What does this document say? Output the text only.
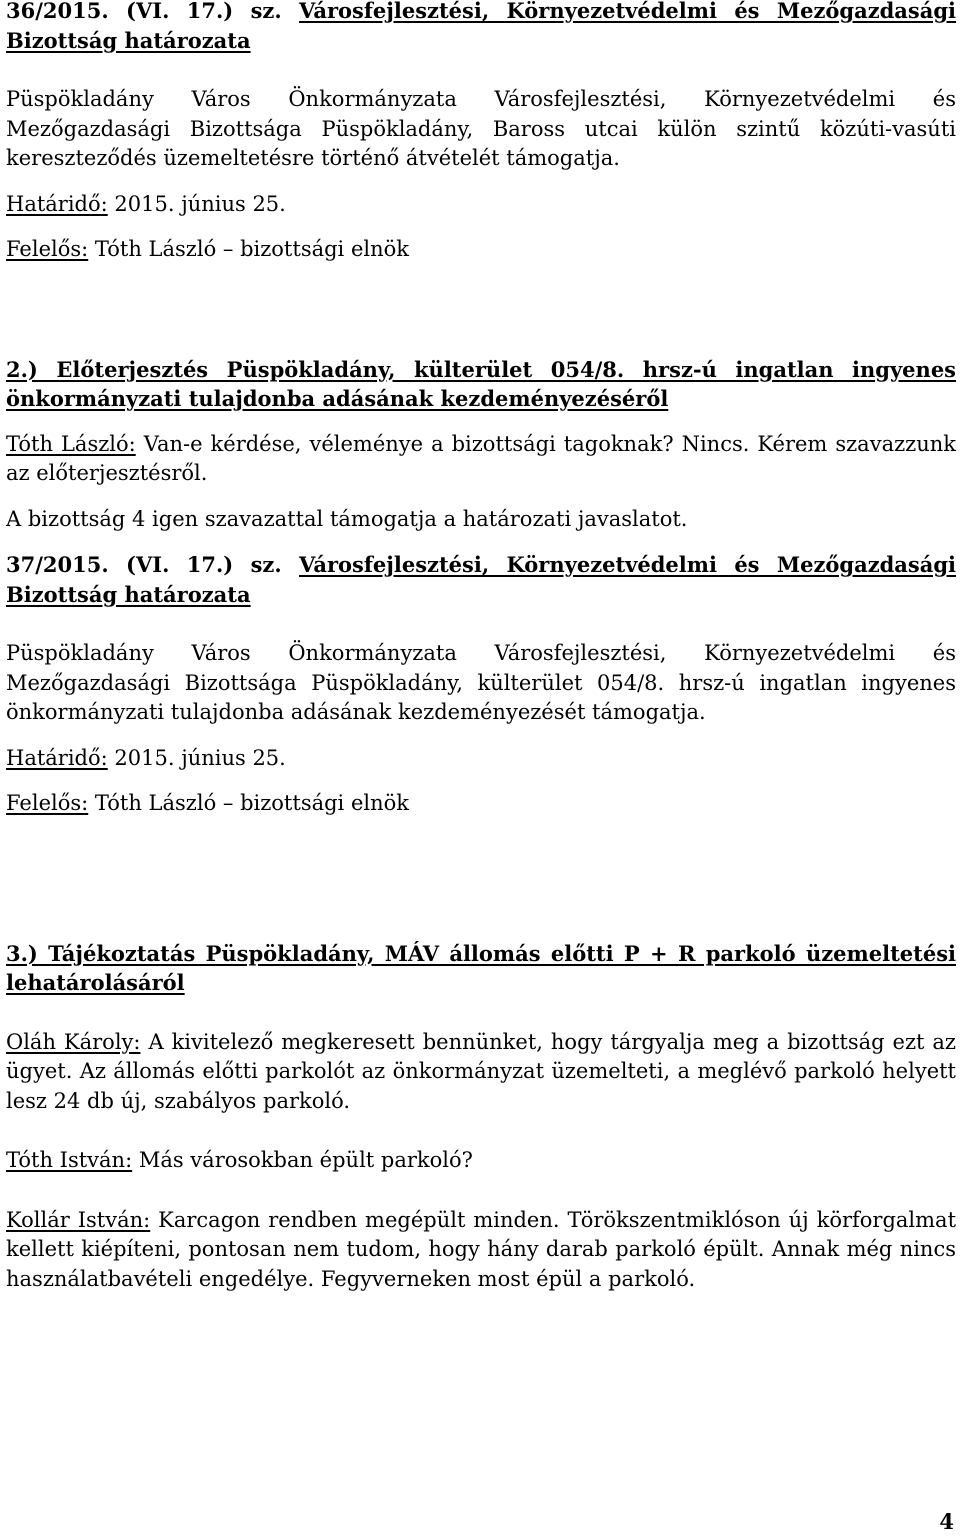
36/2015. (VI. 17.) sz. Városfejlesztési, Környezetvédelmi és Mezőgazdasági Bizottság határozata

Püspökladány Város Önkormányzata Városfejlesztési, Környezetvédelmi és Mezőgazdasági Bizottsága Püspökladány, Baross utcai külön szintű közúti-vasúti kereszteződés üzemeltetésre történő átvételét támogatja.

Határidő: 2015. június 25.

Felelős: Tóth László – bizottsági elnök

2.) Előterjesztés Püspökladány, külterület 054/8. hrsz-ú ingatlan ingyenes önkormányzati tulajdonba adásának kezdeményezéséről

Tóth László: Van-e kérdése, véleménye a bizottsági tagoknak? Nincs. Kérem szavazzunk az előterjesztésről.

A bizottság 4 igen szavazattal támogatja a határozati javaslatot.

37/2015. (VI. 17.) sz. Városfejlesztési, Környezetvédelmi és Mezőgazdasági Bizottság határozata

Püspökladány Város Önkormányzata Városfejlesztési, Környezetvédelmi és Mezőgazdasági Bizottsága Püspökladány, külterület 054/8. hrsz-ú ingatlan ingyenes önkormányzati tulajdonba adásának kezdeményezését támogatja.

Határidő: 2015. június 25.

Felelős: Tóth László – bizottsági elnök

3.) Tájékoztatás Püspökladány, MÁV állomás előtti P + R parkoló üzemeltetési lehatárolásáról

Oláh Károly: A kivitelező megkeresett bennünket, hogy tárgyalja meg a bizottság ezt az ügyet. Az állomás előtti parkolót az önkormányzat üzemelteti, a meglévő parkoló helyett lesz 24 db új, szabályos parkoló.

Tóth István: Más városokban épült parkoló?

Kollár István: Karcagon rendben megépült minden. Törökszentmiklóson új körforgalmat kellett kiépíteni, pontosan nem tudom, hogy hány darab parkoló épült. Annak még nincs használatbavételi engedélye. Fegyverneken most épül a parkoló.

4
